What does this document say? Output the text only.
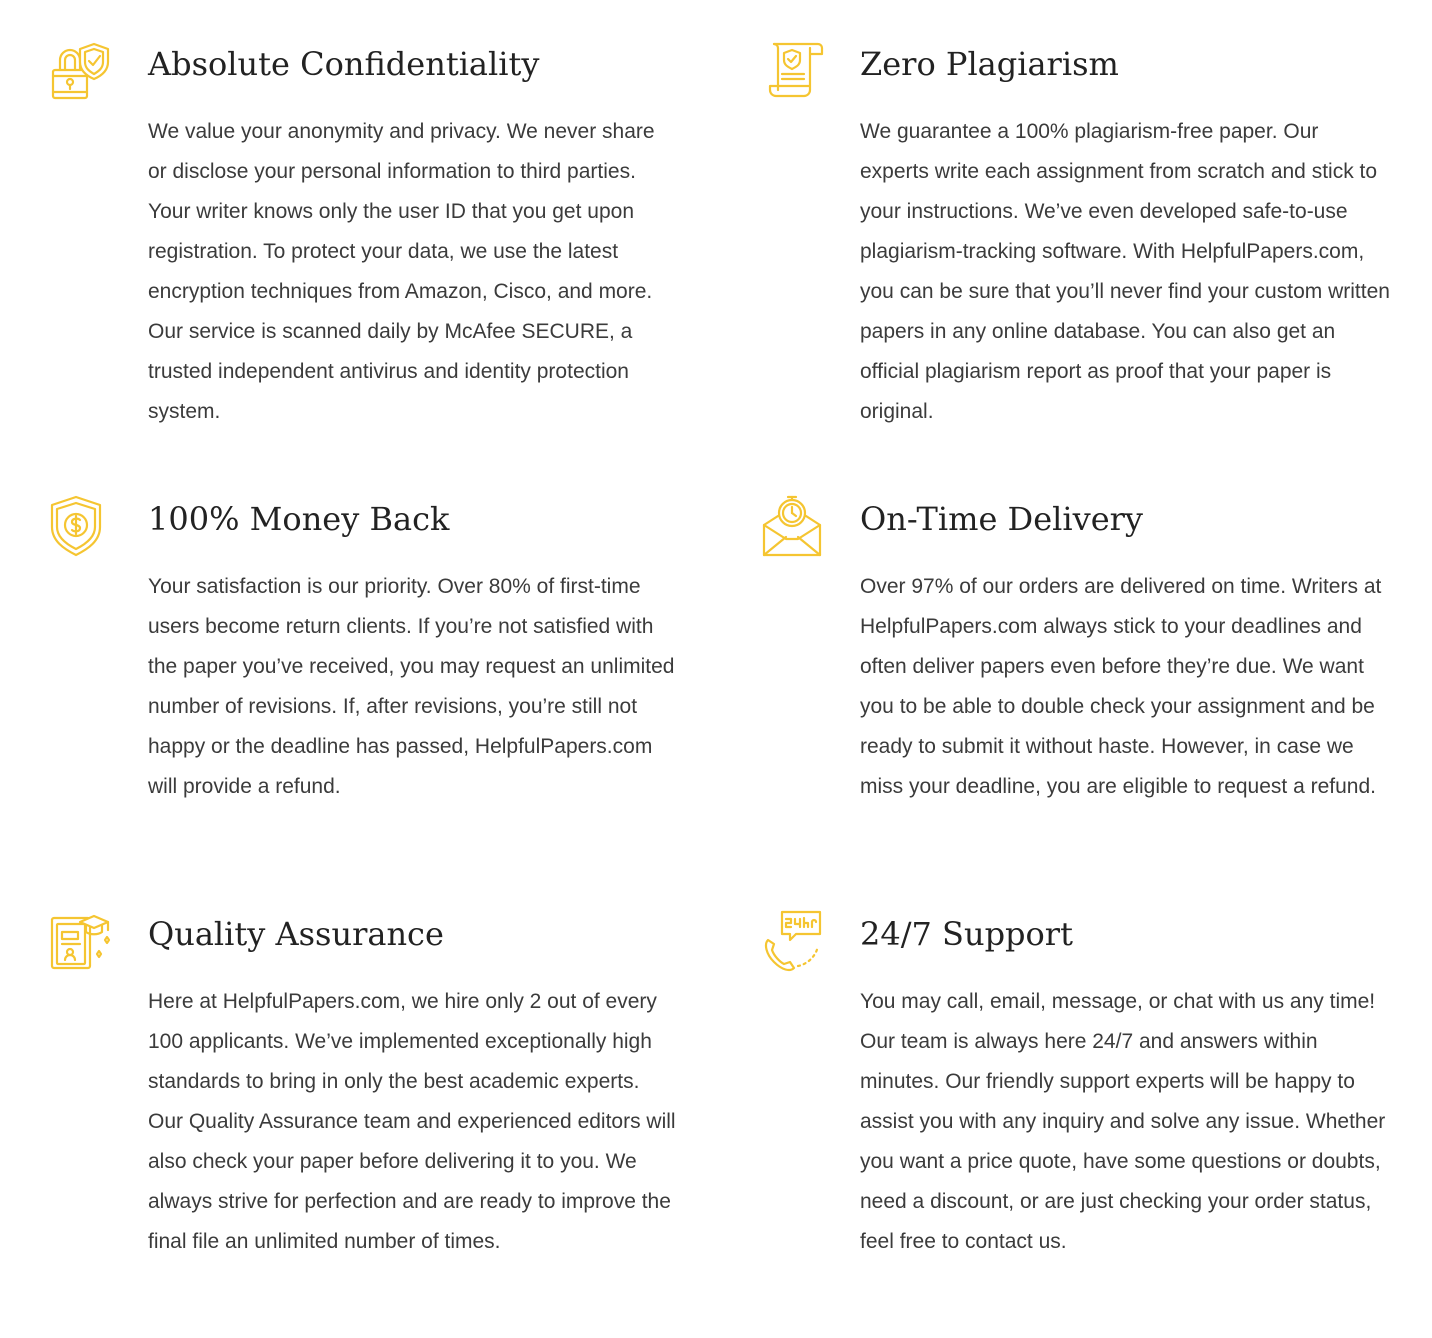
Absolute Confidentiality

We value your anonymity and privacy. We never share or disclose your personal information to third parties. Your writer knows only the user ID that you get upon registration. To protect your data, we use the latest encryption techniques from Amazon, Cisco, and more. Our service is scanned daily by McAfee SECURE, a trusted independent antivirus and identity protection system.

Zero Plagiarism

We guarantee a 100% plagiarism-free paper. Our experts write each assignment from scratch and stick to your instructions. We’ve even developed safe-to-use plagiarism-tracking software. With HelpfulPapers.com, you can be sure that you’ll never find your custom written papers in any online database. You can also get an official plagiarism report as proof that your paper is original.

100% Money Back

Your satisfaction is our priority. Over 80% of first-time users become return clients. If you’re not satisfied with the paper you’ve received, you may request an unlimited number of revisions. If, after revisions, you’re still not happy or the deadline has passed, HelpfulPapers.com will provide a refund.

On-Time Delivery

Over 97% of our orders are delivered on time. Writers at HelpfulPapers.com always stick to your deadlines and often deliver papers even before they’re due. We want you to be able to double check your assignment and be ready to submit it without haste. However, in case we miss your deadline, you are eligible to request a refund.

Quality Assurance

Here at HelpfulPapers.com, we hire only 2 out of every 100 applicants. We’ve implemented exceptionally high standards to bring in only the best academic experts. Our Quality Assurance team and experienced editors will also check your paper before delivering it to you. We always strive for perfection and are ready to improve the final file an unlimited number of times.

24/7 Support

You may call, email, message, or chat with us any time! Our team is always here 24/7 and answers within minutes. Our friendly support experts will be happy to assist you with any inquiry and solve any issue. Whether you want a price quote, have some questions or doubts, need a discount, or are just checking your order status, feel free to contact us.
